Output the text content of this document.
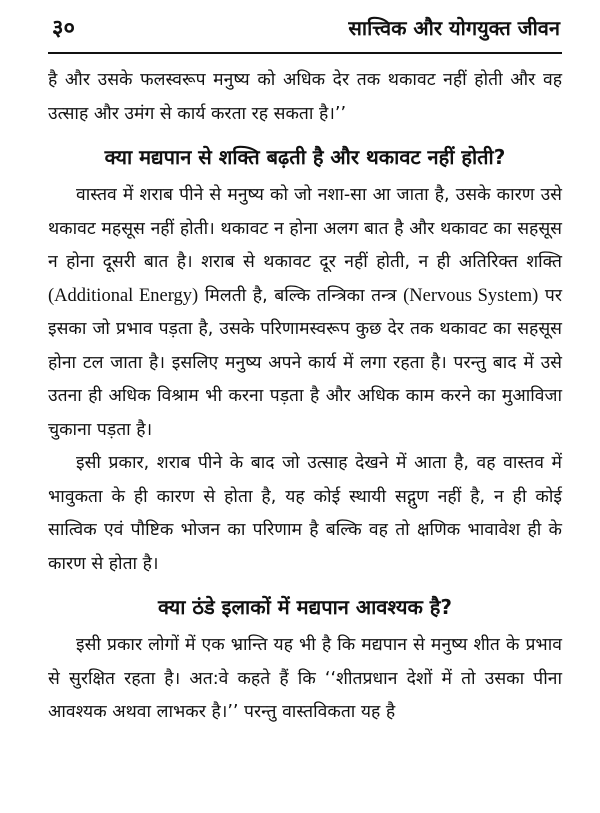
३०	सात्त्विक और योगयुक्त जीवन

है और उसके फलस्वरूप मनुष्य को अधिक देर तक थकावट नहीं होती और वह उत्साह और उमंग से कार्य करता रह सकता है।’’

क्या मद्यपान से शक्ति बढ़ती है और थकावट नहीं होती?

वास्तव में शराब पीने से मनुष्य को जो नशा-सा आ जाता है, उसके कारण उसे थकावट महसूस नहीं होती। थकावट न होना अलग बात है और थकावट का सहसूस न होना दूसरी बात है। शराब से थकावट दूर नहीं होती, न ही अतिरिक्त शक्ति (Additional Energy) मिलती है, बल्कि तन्त्रिका तन्त्र (Nervous System) पर इसका जो प्रभाव पड़ता है, उसके परिणामस्वरूप कुछ देर तक थकावट का सहसूस होना टल जाता है। इसलिए मनुष्य अपने कार्य में लगा रहता है। परन्तु बाद में उसे उतना ही अधिक विश्राम भी करना पड़ता है और अधिक काम करने का मुआविजा चुकाना पड़ता है।

इसी प्रकार, शराब पीने के बाद जो उत्साह देखने में आता है, वह वास्तव में भावुकता के ही कारण से होता है, यह कोई स्थायी सद्गुण नहीं है, न ही कोई सात्विक एवं पौष्टिक भोजन का परिणाम है बल्कि वह तो क्षणिक भावावेश ही के कारण से होता है।

क्या ठंडे इलाकों में मद्यपान आवश्यक है?

इसी प्रकार लोगों में एक भ्रान्ति यह भी है कि मद्यपान से मनुष्य शीत के प्रभाव से सुरक्षित रहता है। अत:वे कहते हैं कि ‘‘शीतप्रधान देशों में तो उसका पीना आवश्यक अथवा लाभकर है।’’ परन्तु वास्तविकता यह है
